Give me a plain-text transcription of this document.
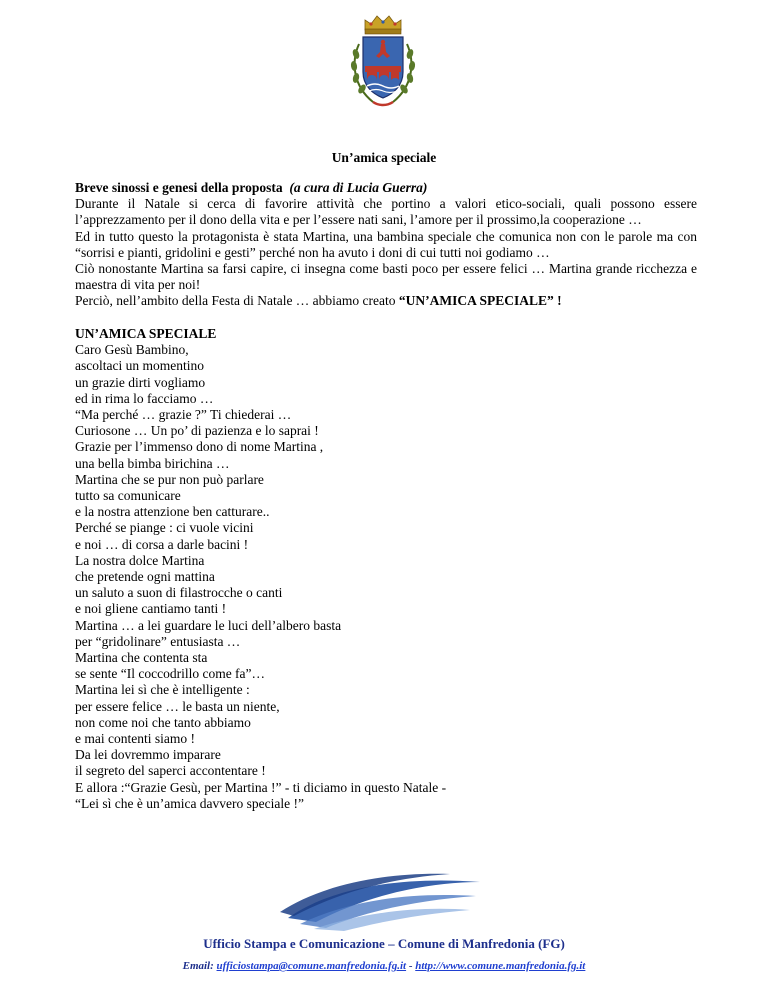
Un’amica speciale

Breve sinossi e genesi della proposta (a cura di Lucia Guerra)

Durante il Natale si cerca di favorire attività che portino a valori etico-sociali, quali possono essere l’apprezzamento per il dono della vita e per l’essere nati sani, l’amore per il prossimo,la cooperazione …

Ed in tutto questo la protagonista è stata Martina, una bambina speciale che comunica non con le parole ma con “sorrisi e pianti, gridolini e gesti” perché non ha avuto i doni di cui tutti noi godiamo …

Ciò nonostante Martina sa farsi capire, ci insegna come basti poco per essere felici … Martina grande ricchezza e maestra di vita per noi!

Perciò, nell’ambito della Festa di Natale … abbiamo creato “UN’AMICA SPECIALE” !

UN’AMICA SPECIALE

Caro Gesù Bambino,

ascoltaci un momentino

un grazie dirti vogliamo

ed in rima lo facciamo …

“Ma perché … grazie ?” Ti chiederai …

Curiosone … Un po’ di pazienza e lo saprai !

Grazie per l’immenso dono di nome Martina ,

una bella bimba birichina …

Martina che se pur non può parlare

tutto sa comunicare

e la nostra attenzione ben catturare..

Perché se piange : ci vuole vicini

e noi … di corsa a darle bacini !

La nostra dolce Martina

che pretende ogni mattina

un saluto a suon di filastrocche o canti

e noi gliene cantiamo tanti !

Martina … a lei guardare le luci dell’albero basta

per “gridolinare” entusiasta …

Martina che contenta sta

se sente “Il coccodrillo come fa”…

Martina lei sì che è intelligente :

per essere felice … le basta un niente,

non come noi che tanto abbiamo

e mai contenti siamo !

Da lei dovremmo imparare

il segreto del saperci accontentare !

E allora :“Grazie Gesù, per Martina !” - ti diciamo in questo Natale -

“Lei sì che è un’amica davvero speciale !”

Ufficio Stampa e Comunicazione – Comune di Manfredonia (FG)
Email: ufficiostampa@comune.manfredonia.fg.it - http://www.comune.manfredonia.fg.it
